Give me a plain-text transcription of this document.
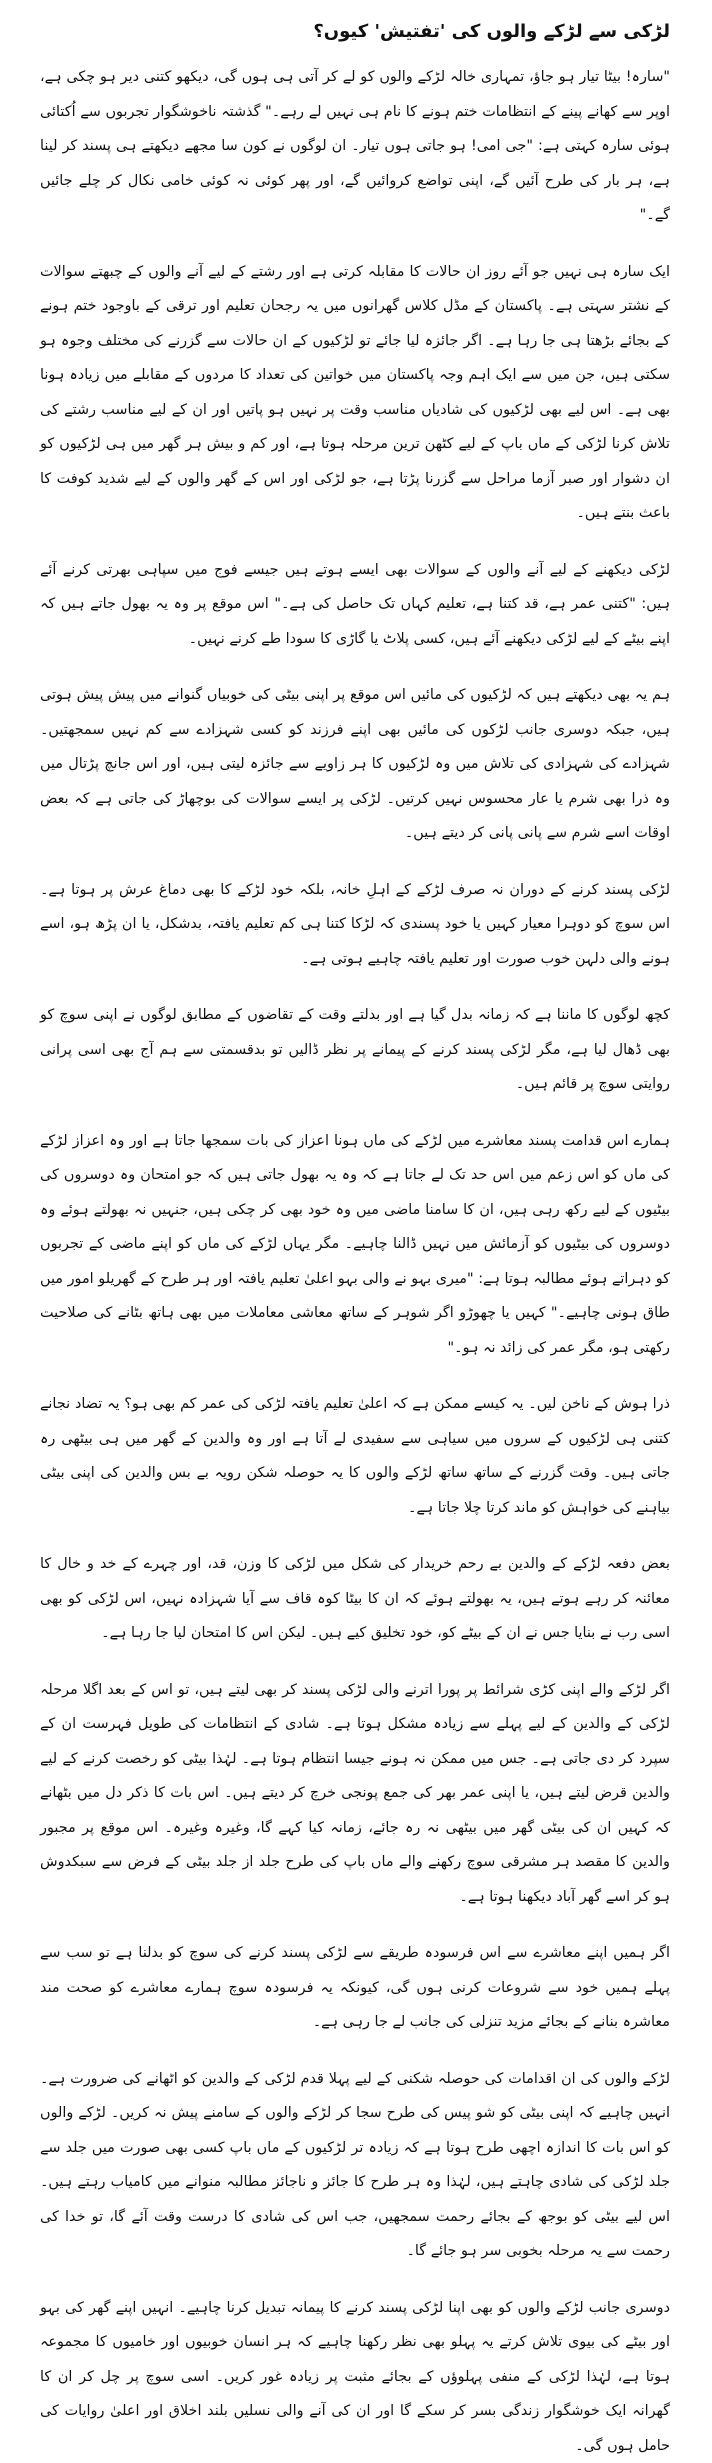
لڑکی سے لڑکے والوں کی 'تفتیش' کیوں؟
"سارہ! بیٹا تیار ہو جاؤ، تمہاری خالہ لڑکے والوں کو لے کر آتی ہی ہوں گی، دیکھو کتنی دیر ہو چکی ہے، اوپر سے کھانے پینے کے انتظامات ختم ہونے کا نام ہی نہیں لے رہے۔" گذشتہ ناخوشگوار تجربوں سے اُکتائی ہوئی سارہ کہتی ہے: "جی امی! ہو جاتی ہوں تیار۔ ان لوگوں نے کون سا مجھے دیکھتے ہی پسند کر لینا ہے، ہر بار کی طرح آئیں گے، اپنی تواضع کروائیں گے، اور پھر کوئی نہ کوئی خامی نکال کر چلے جائیں گے۔"
ایک سارہ ہی نہیں جو آئے روز ان حالات کا مقابلہ کرتی ہے اور رشتے کے لیے آنے والوں کے چبھتے سوالات کے نشتر سہتی ہے۔ پاکستان کے مڈل کلاس گھرانوں میں یہ رجحان تعلیم اور ترقی کے باوجود ختم ہونے کے بجائے بڑھتا ہی جا رہا ہے۔ اگر جائزہ لیا جائے تو لڑکیوں کے ان حالات سے گزرنے کی مختلف وجوہ ہو سکتی ہیں، جن میں سے ایک اہم وجہ پاکستان میں خواتین کی تعداد کا مردوں کے مقابلے میں زیادہ ہونا بھی ہے۔ اس لیے بھی لڑکیوں کی شادیاں مناسب وقت پر نہیں ہو پاتیں اور ان کے لیے مناسب رشتے کی تلاش کرنا لڑکی کے ماں باپ کے لیے کٹھن ترین مرحلہ ہوتا ہے، اور کم و بیش ہر گھر میں ہی لڑکیوں کو ان دشوار اور صبر آزما مراحل سے گزرنا پڑتا ہے، جو لڑکی اور اس کے گھر والوں کے لیے شدید کوفت کا باعث بنتے ہیں۔
لڑکی دیکھنے کے لیے آنے والوں کے سوالات بھی ایسے ہوتے ہیں جیسے فوج میں سپاہی بھرتی کرنے آئے ہیں: "کتنی عمر ہے، قد کتنا ہے، تعلیم کہاں تک حاصل کی ہے۔" اس موقع پر وہ یہ بھول جاتے ہیں کہ اپنے بیٹے کے لیے لڑکی دیکھنے آئے ہیں، کسی پلاٹ یا گاڑی کا سودا طے کرنے نہیں۔
ہم یہ بھی دیکھتے ہیں کہ لڑکیوں کی مائیں اس موقع پر اپنی بیٹی کی خوبیاں گنوانے میں پیش پیش ہوتی ہیں، جبکہ دوسری جانب لڑکوں کی مائیں بھی اپنے فرزند کو کسی شہزادے سے کم نہیں سمجھتیں۔ شہزادے کی شہزادی کی تلاش میں وہ لڑکیوں کا ہر زاویے سے جائزہ لیتی ہیں، اور اس جانچ پڑتال میں وہ ذرا بھی شرم یا عار محسوس نہیں کرتیں۔ لڑکی پر ایسے سوالات کی بوچھاڑ کی جاتی ہے کہ بعض اوقات اسے شرم سے پانی پانی کر دیتے ہیں۔
لڑکی پسند کرنے کے دوران نہ صرف لڑکے کے اہلِ خانہ، بلکہ خود لڑکے کا بھی دماغ عرش پر ہوتا ہے۔ اس سوچ کو دوہرا معیار کہیں یا خود پسندی کہ لڑکا کتنا ہی کم تعلیم یافتہ، بدشکل، یا ان پڑھ ہو، اسے ہونے والی دلہن خوب صورت اور تعلیم یافتہ چاہیے ہوتی ہے۔
کچھ لوگوں کا ماننا ہے کہ زمانہ بدل گیا ہے اور بدلتے وقت کے تقاضوں کے مطابق لوگوں نے اپنی سوچ کو بھی ڈھال لیا ہے، مگر لڑکی پسند کرنے کے پیمانے پر نظر ڈالیں تو بدقسمتی سے ہم آج بھی اسی پرانی روایتی سوچ پر قائم ہیں۔
ہمارے اس قدامت پسند معاشرے میں لڑکے کی ماں ہونا اعزاز کی بات سمجھا جاتا ہے اور وہ اعزاز لڑکے کی ماں کو اس زعم میں اس حد تک لے جاتا ہے کہ وہ یہ بھول جاتی ہیں کہ جو امتحان وہ دوسروں کی بیٹیوں کے لیے رکھ رہی ہیں، ان کا سامنا ماضی میں وہ خود بھی کر چکی ہیں، جنہیں نہ بھولتے ہوئے وہ دوسروں کی بیٹیوں کو آزمائش میں نہیں ڈالنا چاہیے۔ مگر یہاں لڑکے کی ماں کو اپنے ماضی کے تجربوں کو دہراتے ہوئے مطالبہ ہوتا ہے: "میری بہو نے والی بہو اعلیٰ تعلیم یافتہ اور ہر طرح کے گھریلو امور میں طاق ہونی چاہیے۔" کہیں یا چھوڑو اگر شوہر کے ساتھ معاشی معاملات میں بھی ہاتھ بٹانے کی صلاحیت رکھتی ہو، مگر عمر کی زائد نہ ہو۔"
ذرا ہوش کے ناخن لیں۔ یہ کیسے ممکن ہے کہ اعلیٰ تعلیم یافتہ لڑکی کی عمر کم بھی ہو؟ یہ تضاد نجانے کتنی ہی لڑکیوں کے سروں میں سیاہی سے سفیدی لے آتا ہے اور وہ والدین کے گھر میں ہی بیٹھی رہ جاتی ہیں۔ وقت گزرنے کے ساتھ ساتھ لڑکے والوں کا یہ حوصلہ شکن رویہ بے بس والدین کی اپنی بیٹی بیاہنے کی خواہش کو ماند کرتا چلا جاتا ہے۔
بعض دفعہ لڑکے کے والدین بے رحم خریدار کی شکل میں لڑکی کا وزن، قد، اور چہرے کے خد و خال کا معائنہ کر رہے ہوتے ہیں، یہ بھولتے ہوئے کہ ان کا بیٹا کوہ قاف سے آیا شہزادہ نہیں، اس لڑکی کو بھی اسی رب نے بنایا جس نے ان کے بیٹے کو، خود تخلیق کیے ہیں۔ لیکن اس کا امتحان لیا جا رہا ہے۔
اگر لڑکے والے اپنی کڑی شرائط پر پورا اترنے والی لڑکی پسند کر بھی لیتے ہیں، تو اس کے بعد اگلا مرحلہ لڑکی کے والدین کے لیے پہلے سے زیادہ مشکل ہوتا ہے۔ شادی کے انتظامات کی طویل فہرست ان کے سپرد کر دی جاتی ہے۔ جس میں ممکن نہ ہونے جیسا انتظام ہوتا ہے۔ لہٰذا بیٹی کو رخصت کرنے کے لیے والدین قرض لیتے ہیں، یا اپنی عمر بھر کی جمع پونجی خرچ کر دیتے ہیں۔ اس بات کا ذکر دل میں بٹھانے کہ کہیں ان کی بیٹی گھر میں بیٹھی نہ رہ جائے، زمانہ کیا کہے گا، وغیرہ وغیرہ۔ اس موقع پر مجبور والدین کا مقصد ہر مشرقی سوچ رکھنے والے ماں باپ کی طرح جلد از جلد بیٹی کے فرض سے سبکدوش ہو کر اسے گھر آباد دیکھنا ہوتا ہے۔
اگر ہمیں اپنے معاشرے سے اس فرسودہ طریقے سے لڑکی پسند کرنے کی سوچ کو بدلنا ہے تو سب سے پہلے ہمیں خود سے شروعات کرنی ہوں گی، کیونکہ یہ فرسودہ سوچ ہمارے معاشرے کو صحت مند معاشرہ بنانے کے بجائے مزید تنزلی کی جانب لے جا رہی ہے۔
لڑکے والوں کی ان اقدامات کی حوصلہ شکنی کے لیے پہلا قدم لڑکی کے والدین کو اٹھانے کی ضرورت ہے۔ انہیں چاہیے کہ اپنی بیٹی کو شو پیس کی طرح سجا کر لڑکے والوں کے سامنے پیش نہ کریں۔ لڑکے والوں کو اس بات کا اندازہ اچھی طرح ہوتا ہے کہ زیادہ تر لڑکیوں کے ماں باپ کسی بھی صورت میں جلد سے جلد لڑکی کی شادی چاہتے ہیں، لہٰذا وہ ہر طرح کا جائز و ناجائز مطالبہ منوانے میں کامیاب رہتے ہیں۔ اس لیے بیٹی کو بوجھ کے بجائے رحمت سمجھیں، جب اس کی شادی کا درست وقت آئے گا، تو خدا کی رحمت سے یہ مرحلہ بخوبی سر ہو جائے گا۔
دوسری جانب لڑکے والوں کو بھی اپنا لڑکی پسند کرنے کا پیمانہ تبدیل کرنا چاہیے۔ انہیں اپنے گھر کی بہو اور بیٹے کی بیوی تلاش کرتے یہ پہلو بھی نظر رکھنا چاہیے کہ ہر انسان خوبیوں اور خامیوں کا مجموعہ ہوتا ہے، لہٰذا لڑکی کے منفی پہلوؤں کے بجائے مثبت پر زیادہ غور کریں۔ اسی سوچ پر چل کر ان کا گھرانہ ایک خوشگوار زندگی بسر کر سکے گا اور ان کی آنے والی نسلیں بلند اخلاق اور اعلیٰ روایات کی حامل ہوں گی۔
